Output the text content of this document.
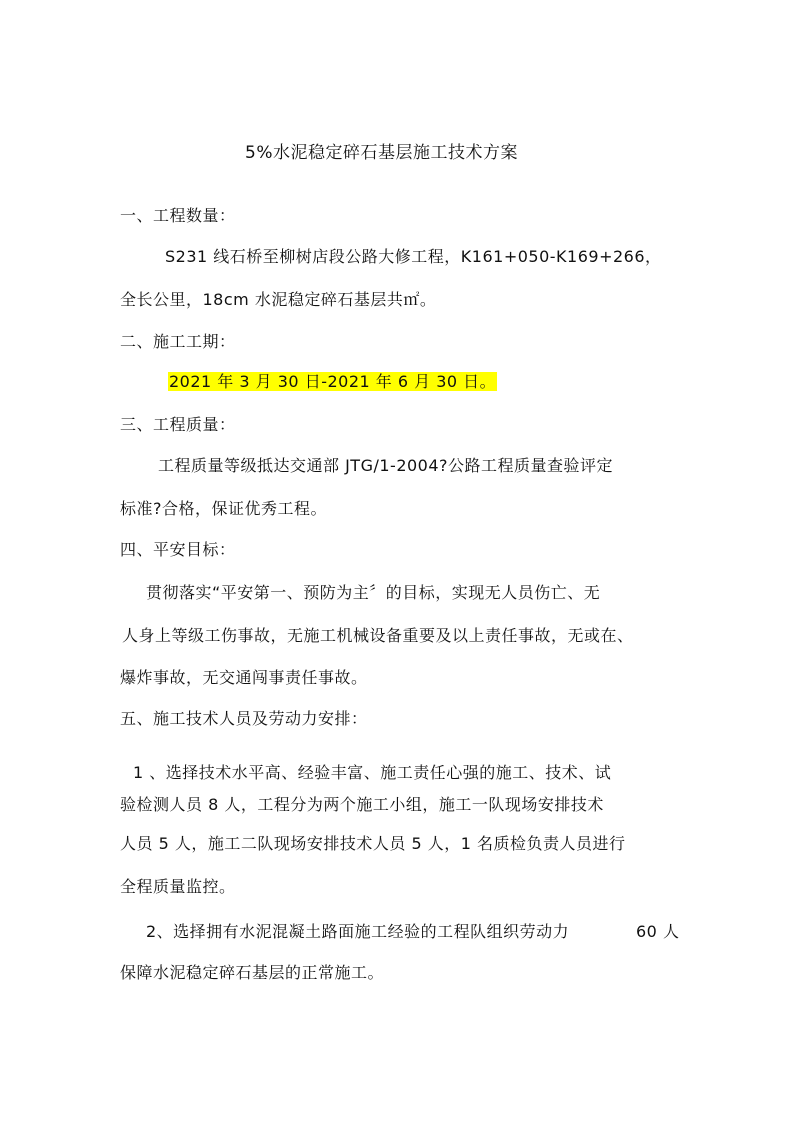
5%水泥稳定碎石基层施工技术方案
一、工程数量：
S231 线石桥至柳树店段公路大修工程，K161+050-K169+266，
全长公里，18cm 水泥稳定碎石基层共㎡。
二、施工工期：
2021 年 3 月 30 日-2021 年 6 月 30 日。
三、工程质量：
工程质量等级抵达交通部 JTG/1-2004?公路工程质量查验评定
标准?合格，保证优秀工程。
四、平安目标：
贯彻落实“平安第一、预防为主〞的目标，实现无人员伤亡、无
人身上等级工伤事故，无施工机械设备重要及以上责任事故，无或在、
爆炸事故，无交通闯事责任事故。
五、施工技术人员及劳动力安排：
1 、选择技术水平高、经验丰富、施工责任心强的施工、技术、试
验检测人员 8 人，工程分为两个施工小组，施工一队现场安排技术
人员 5 人，施工二队现场安排技术人员 5 人，1 名质检负责人员进行
全程质量监控。
2、选择拥有水泥混凝土路面施工经验的工程队组织劳动力	60 人
保障水泥稳定碎石基层的正常施工。
